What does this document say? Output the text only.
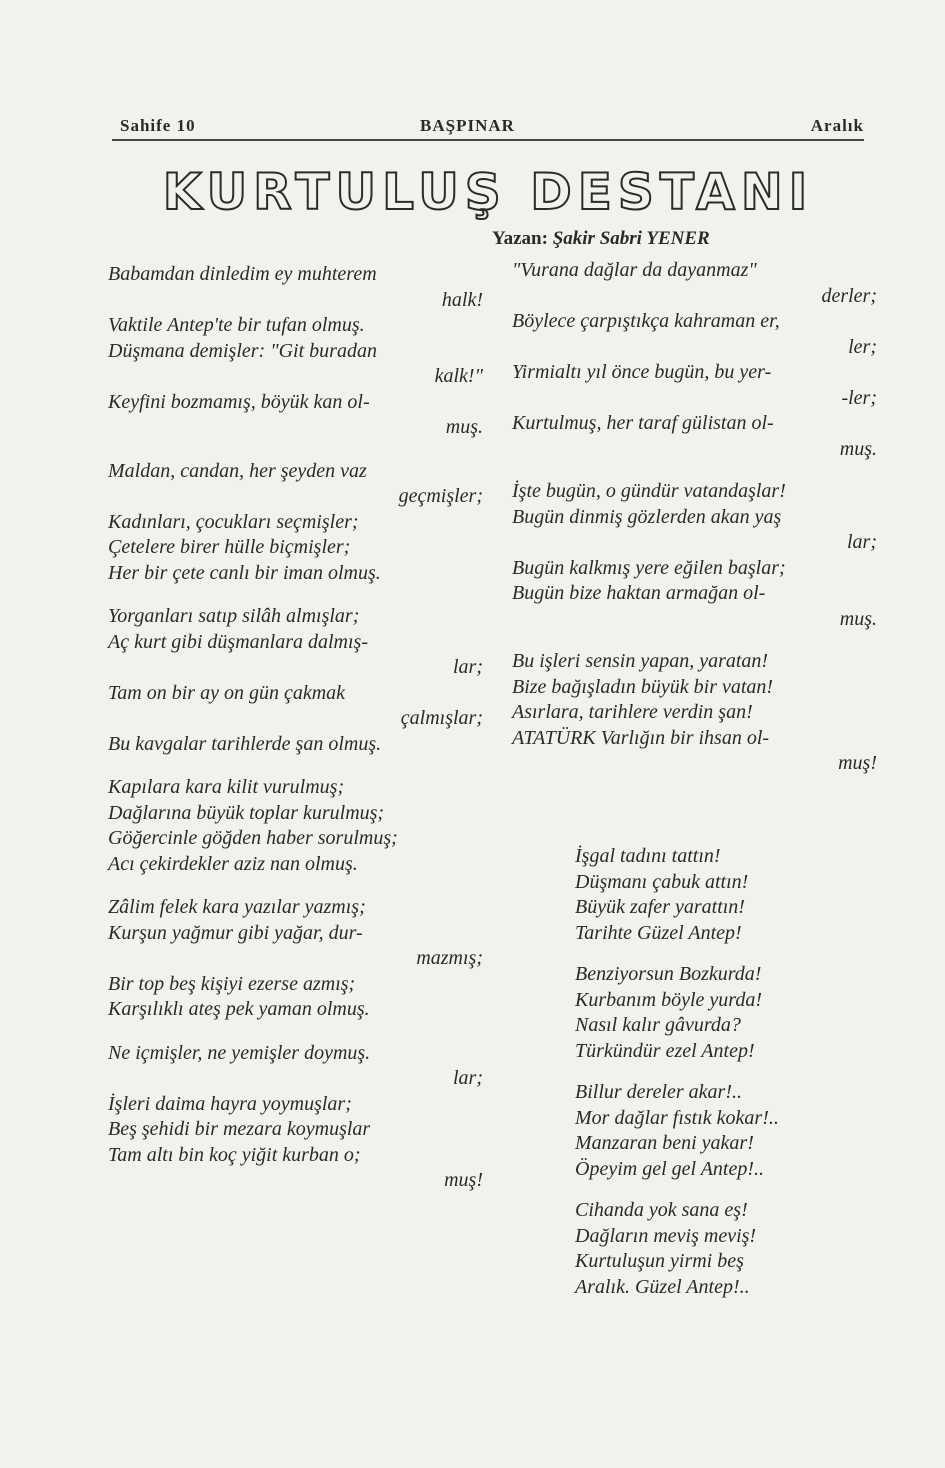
Sahife 10	BAŞPINAR	Aralık
KURTULUŞ DESTANI
Yazan: Şakir Sabri YENER
Babamdan dinledim ey muhterem
halk!
Vaktile Antep'te bir tufan olmuş.
Düşmana demişler: "Git buradan
kalk!"
Keyfini bozmamış, böyük kan ol-
muş.
Maldan, candan, her şeyden vaz
geçmişler;
Kadınları, çocukları seçmişler;
Çetelere birer hülle biçmişler;
Her bir çete canlı bir iman olmuş.
Yorganları satıp silâh almışlar;
Aç kurt gibi düşmanlara dalmış-
lar;
Tam on bir ay on gün çakmak
çalmışlar;
Bu kavgalar tarihlerde şan olmuş.
Kapılara kara kilit vurulmuş;
Dağlarına büyük toplar kurulmuş;
Göğercinle göğden haber sorulmuş;
Acı çekirdekler aziz nan olmuş.
Zâlim felek kara yazılar yazmış;
Kurşun yağmur gibi yağar, dur-
mazmış;
Bir top beş kişiyi ezerse azmış;
Karşılıklı ateş pek yaman olmuş.
Ne içmişler, ne yemişler doymuş.
lar;
İşleri daima hayra yoymuşlar;
Beş şehidi bir mezara koymuşlar
Tam altı bin koç yiğit kurban o;
muş!
"Vurana dağlar da dayanmaz"
derler;
Böylece çarpıştıkça kahraman er,
ler;
Yirmialtı yıl önce bugün, bu yer-
-ler;
Kurtulmuş, her taraf gülistan ol-
muş.
İşte bugün, o gündür vatandaşlar!
Bugün dinmiş gözlerden akan yaş
lar;
Bugün kalkmış yere eğilen başlar;
Bugün bize haktan armağan ol-
muş.
Bu işleri sensin yapan, yaratan!
Bize bağışladın büyük bir vatan!
Asırlara, tarihlere verdin şan!
ATATÜRK Varlığın bir ihsan ol-
muş!
İşgal tadını tattın!
Düşmanı çabuk attın!
Büyük zafer yarattın!
Tarihte Güzel Antep!
Benziyorsun Bozkurda!
Kurbanım böyle yurda!
Nasıl kalır gâvurda?
Türkündür ezel Antep!
Billur dereler akar!..
Mor dağlar fıstık kokar!..
Manzaran beni yakar!
Öpeyim gel gel Antep!..
Cihanda yok sana eş!
Dağların meviş meviş!
Kurtuluşun yirmi beş
Aralık. Güzel Antep!..
